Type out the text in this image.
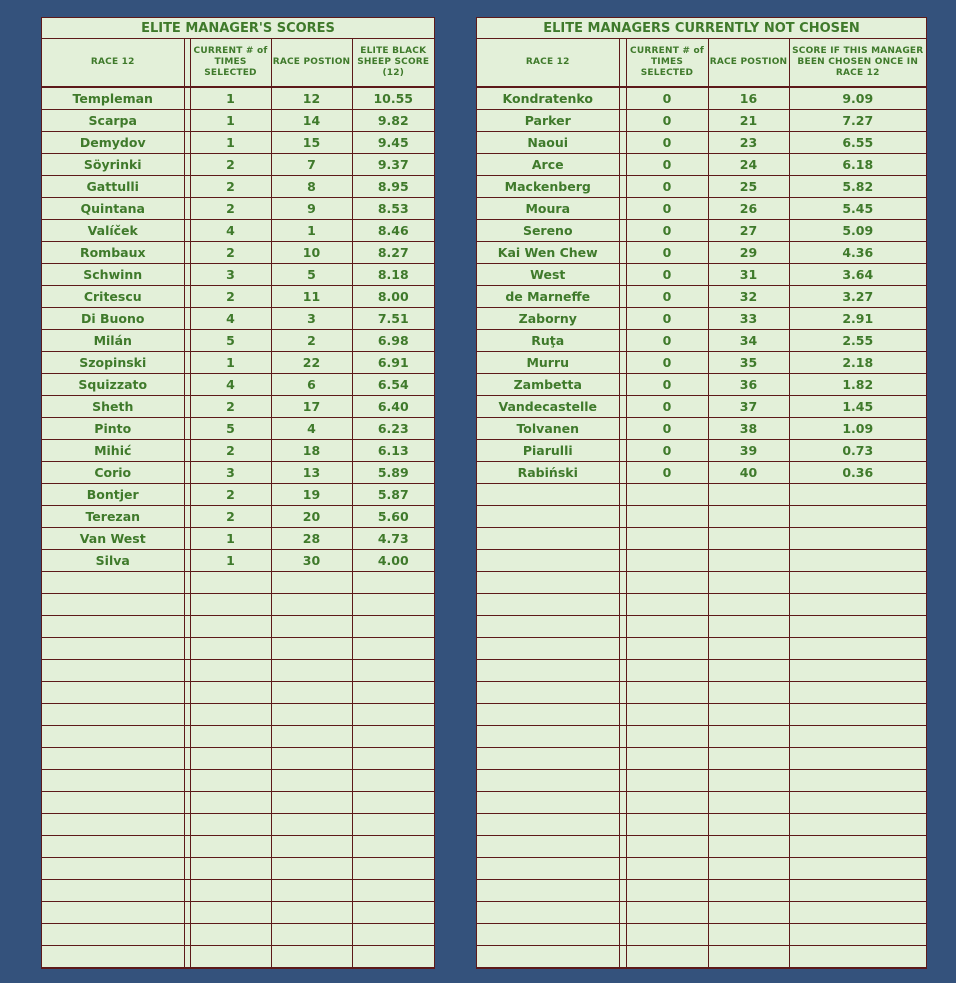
ELITE MANAGER'S SCORES
RACE 12		CURRENT # of TIMES SELECTED	RACE POSTION	ELITE BLACK SHEEP SCORE (12)
Templeman		1	12	10.55
Scarpa		1	14	9.82
Demydov		1	15	9.45
Söyrinki		2	7	9.37
Gattulli		2	8	8.95
Quintana		2	9	8.53
Valíček		4	1	8.46
Rombaux		2	10	8.27
Schwinn		3	5	8.18
Critescu		2	11	8.00
Di Buono		4	3	7.51
Milán		5	2	6.98
Szopinski		1	22	6.91
Squizzato		4	6	6.54
Sheth		2	17	6.40
Pinto		5	4	6.23
Mihić		2	18	6.13
Corio		3	13	5.89
Bontjer		2	19	5.87
Terezan		2	20	5.60
Van West		1	28	4.73
Silva		1	30	4.00

ELITE MANAGERS CURRENTLY NOT CHOSEN
RACE 12		CURRENT # of TIMES SELECTED	RACE POSTION	SCORE IF THIS MANAGER BEEN CHOSEN ONCE IN RACE 12
Kondratenko		0	16	9.09
Parker		0	21	7.27
Naoui		0	23	6.55
Arce		0	24	6.18
Mackenberg		0	25	5.82
Moura		0	26	5.45
Sereno		0	27	5.09
Kai Wen Chew		0	29	4.36
West		0	31	3.64
de Marneffe		0	32	3.27
Zaborny		0	33	2.91
Ruţa		0	34	2.55
Murru		0	35	2.18
Zambetta		0	36	1.82
Vandecastelle		0	37	1.45
Tolvanen		0	38	1.09
Piarulli		0	39	0.73
Rabiński		0	40	0.36
